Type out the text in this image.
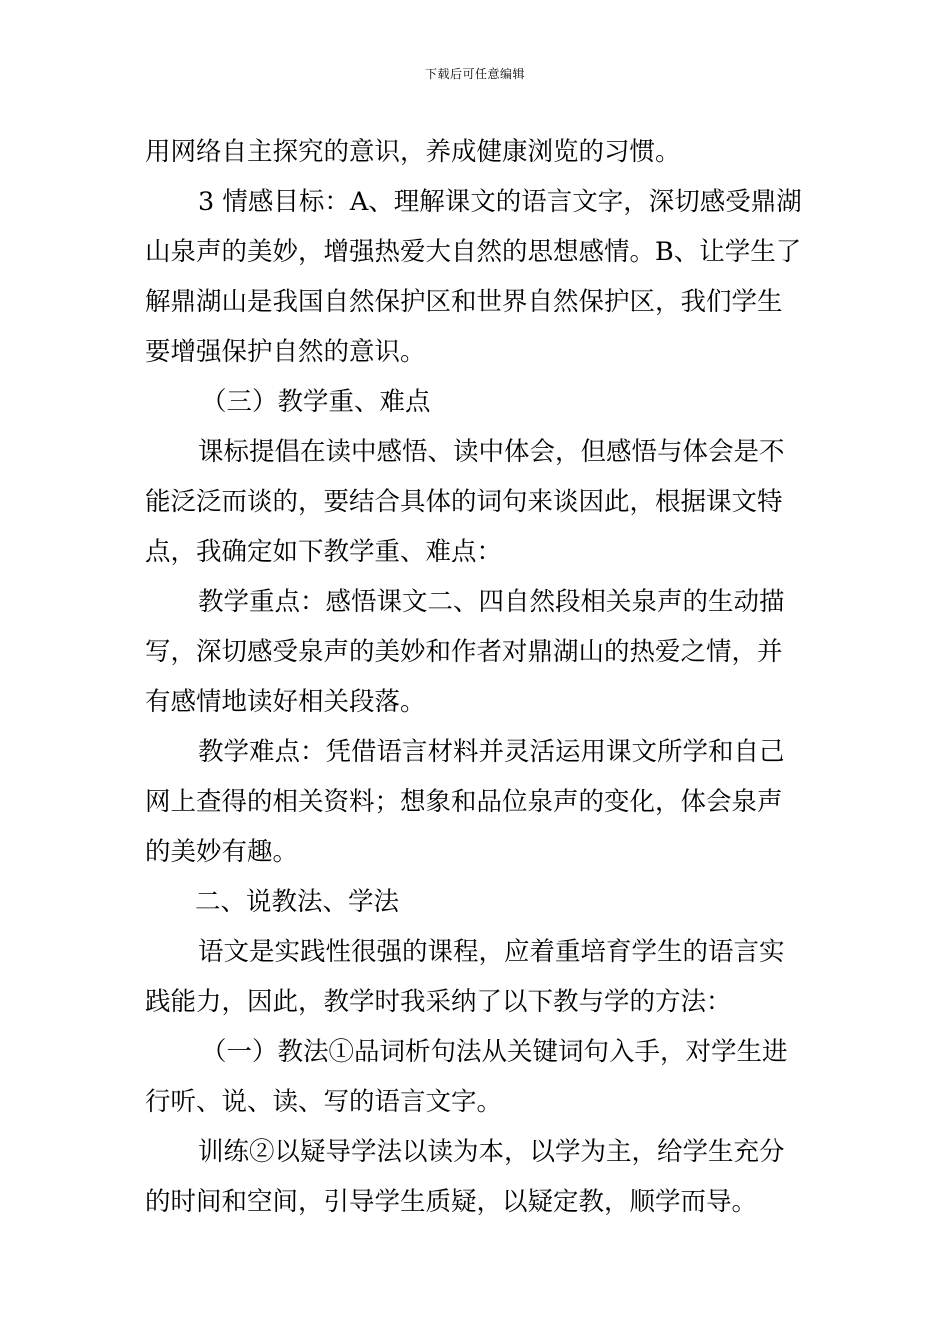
下载后可任意编辑
用网络自主探究的意识，养成健康浏览的习惯。
3 情感目标：A、理解课文的语言文字，深切感受鼎湖
山泉声的美妙，增强热爱大自然的思想感情。B、让学生了
解鼎湖山是我国自然保护区和世界自然保护区，我们学生
要增强保护自然的意识。
（三）教学重、难点
课标提倡在读中感悟、读中体会，但感悟与体会是不
能泛泛而谈的，要结合具体的词句来谈因此，根据课文特
点，我确定如下教学重、难点：
教学重点：感悟课文二、四自然段相关泉声的生动描
写，深切感受泉声的美妙和作者对鼎湖山的热爱之情，并
有感情地读好相关段落。
教学难点：凭借语言材料并灵活运用课文所学和自己
网上查得的相关资料；想象和品位泉声的变化，体会泉声
的美妙有趣。
二、说教法、学法
语文是实践性很强的课程，应着重培育学生的语言实
践能力，因此，教学时我采纳了以下教与学的方法：
（一）教法①品词析句法从关键词句入手，对学生进
行听、说、读、写的语言文字。
训练②以疑导学法以读为本，以学为主，给学生充分
的时间和空间，引导学生质疑，以疑定教，顺学而导。
